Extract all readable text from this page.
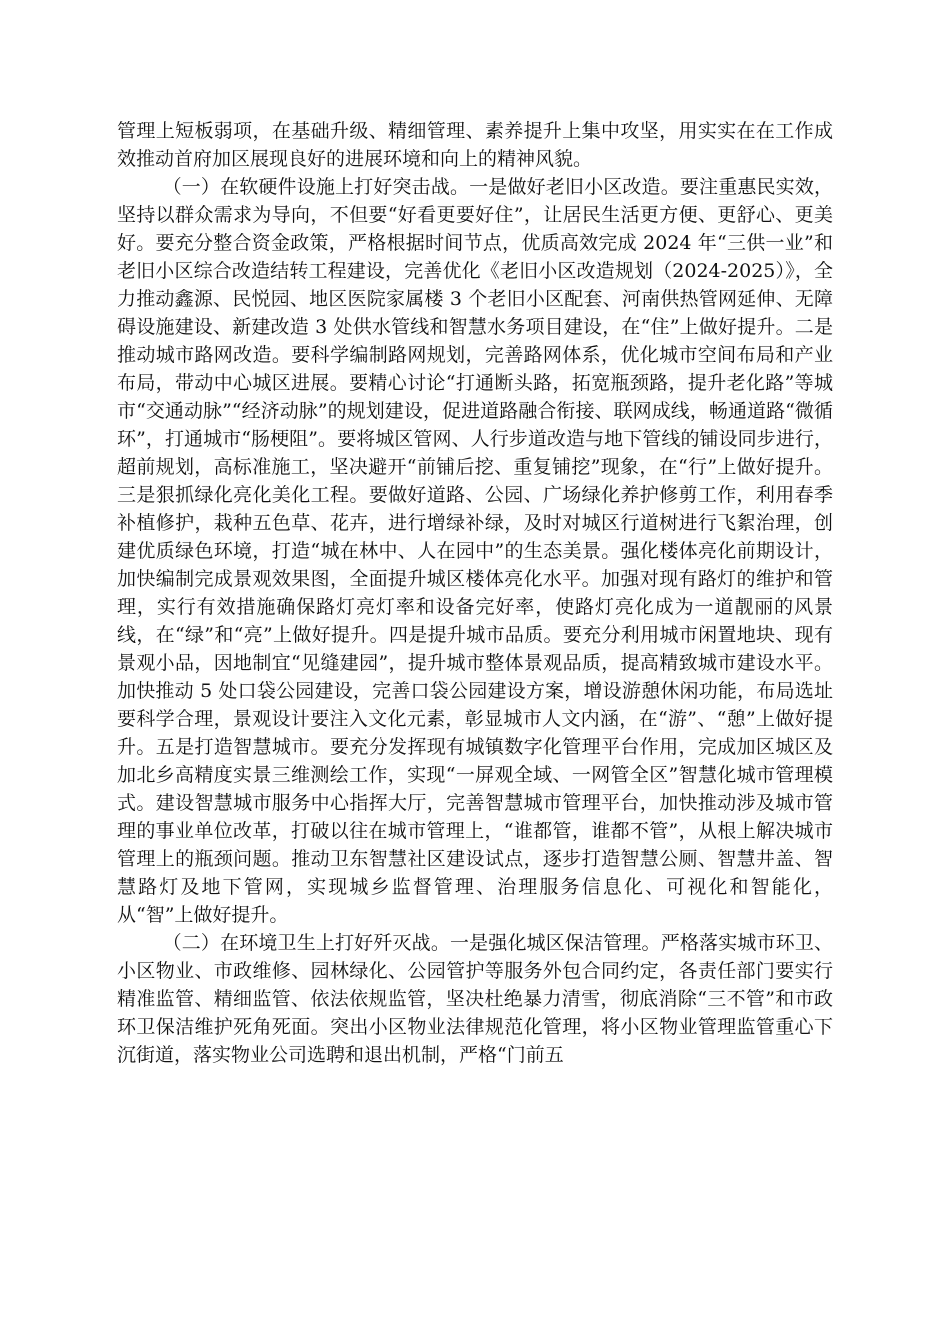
管理上短板弱项，在基础升级、精细管理、素养提升上集中攻坚，用实实在在工作成效推动首府加区展现良好的进展环境和向上的精神风貌。

（一）在软硬件设施上打好突击战。一是做好老旧小区改造。要注重惠民实效，坚持以群众需求为导向，不但要“好看更要好住”，让居民生活更方便、更舒心、更美好。要充分整合资金政策，严格根据时间节点，优质高效完成 2024 年“三供一业”和老旧小区综合改造结转工程建设，完善优化《老旧小区改造规划（2024-2025）》，全力推动鑫源、民悦园、地区医院家属楼 3 个老旧小区配套、河南供热管网延伸、无障碍设施建设、新建改造 3 处供水管线和智慧水务项目建设，在“住”上做好提升。二是推动城市路网改造。要科学编制路网规划，完善路网体系，优化城市空间布局和产业布局，带动中心城区进展。要精心讨论“打通断头路，拓宽瓶颈路，提升老化路”等城市“交通动脉”“经济动脉”的规划建设，促进道路融合衔接、联网成线，畅通道路“微循环”，打通城市“肠梗阻”。要将城区管网、人行步道改造与地下管线的铺设同步进行，超前规划，高标准施工，坚决避开“前铺后挖、重复铺挖”现象，在“行”上做好提升。三是狠抓绿化亮化美化工程。要做好道路、公园、广场绿化养护修剪工作，利用春季补植修护，栽种五色草、花卉，进行增绿补绿，及时对城区行道树进行飞絮治理，创建优质绿色环境，打造“城在林中、人在园中”的生态美景。强化楼体亮化前期设计，加快编制完成景观效果图，全面提升城区楼体亮化水平。加强对现有路灯的维护和管理，实行有效措施确保路灯亮灯率和设备完好率，使路灯亮化成为一道靓丽的风景线，在“绿”和“亮”上做好提升。四是提升城市品质。要充分利用城市闲置地块、现有景观小品，因地制宜“见缝建园”，提升城市整体景观品质，提高精致城市建设水平。加快推动 5 处口袋公园建设，完善口袋公园建设方案，增设游憩休闲功能，布局选址要科学合理，景观设计要注入文化元素，彰显城市人文内涵，在“游”、“憩”上做好提升。五是打造智慧城市。要充分发挥现有城镇数字化管理平台作用，完成加区城区及加北乡高精度实景三维测绘工作，实现“一屏观全域、一网管全区”智慧化城市管理模式。建设智慧城市服务中心指挥大厅，完善智慧城市管理平台，加快推动涉及城市管理的事业单位改革，打破以往在城市管理上，“谁都管，谁都不管”，从根上解决城市管理上的瓶颈问题。推动卫东智慧社区建设试点，逐步打造智慧公厕、智慧井盖、智慧路灯及地下管网，实现城乡监督管理、治理服务信息化、可视化和智能化，从“智”上做好提升。

（二）在环境卫生上打好歼灭战。一是强化城区保洁管理。严格落实城市环卫、小区物业、市政维修、园林绿化、公园管护等服务外包合同约定，各责任部门要实行精准监管、精细监管、依法依规监管，坚决杜绝暴力清雪，彻底消除“三不管”和市政环卫保洁维护死角死面。突出小区物业法律规范化管理，将小区物业管理监管重心下沉街道，落实物业公司选聘和退出机制，严格“门前五
